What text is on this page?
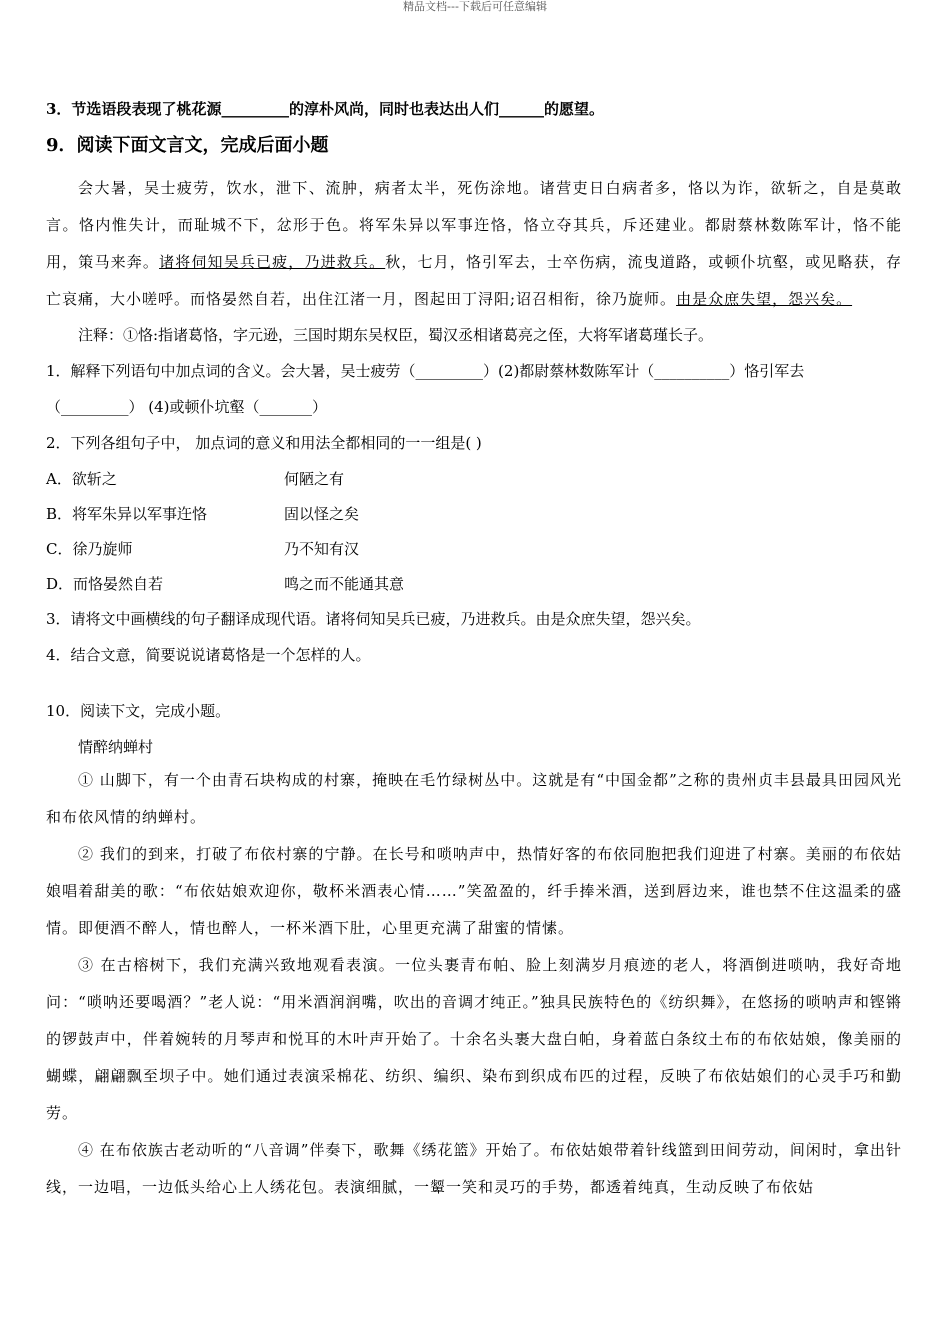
精品文档---下载后可任意编辑

3．节选语段表现了桃花源_________的淳朴风尚，同时也表达出人们______的愿望。

9．阅读下面文言文，完成后面小题

会大暑，吴士疲劳，饮水，泄下、流肿，病者太半，死伤涂地。诸营吏日白病者多，恪以为诈，欲斩之，自是莫敢言。恪内惟失计，而耻城不下，忿形于色。将军朱异以军事迕恪，恪立夺其兵，斥还建业。都尉蔡林数陈军计，恪不能用，策马来奔。诸将伺知吴兵已疲，乃进救兵。秋，七月，恪引军去，士卒伤病，流曳道路，或顿仆坑壑，或见略获，存亡哀痛，大小嗟呼。而恪晏然自若，出住江渚一月，图起田丁浔阳;诏召相衔，徐乃旋师。由是众庶失望，怨兴矣。

注释：①恪:指诸葛恪，字元逊，三国时期东吴权臣，蜀汉丞相诸葛亮之侄，大将军诸葛瑾长子。

1．解释下列语句中加点词的含义。会大暑，吴士疲劳（_________）(2)都尉蔡林数陈军计（__________）恪引军去

（_________） (4)或顿仆坑壑（_______）

2．下列各组句子中， 加点词的意义和用法全都相同的一一组是( )

A．欲斩之	何陋之有
B．将军朱异以军事迕恪	固以怪之矣
C．徐乃旋师	乃不知有汉
D．而恪晏然自若	鸣之而不能通其意

3．请将文中画横线的句子翻译成现代语。诸将伺知吴兵已疲，乃进救兵。由是众庶失望，怨兴矣。

4．结合文意，简要说说诸葛恪是一个怎样的人。

10．阅读下文，完成小题。

情醉纳蝉村

① 山脚下，有一个由青石块构成的村寨，掩映在毛竹绿树丛中。这就是有“中国金都”之称的贵州贞丰县最具田园风光和布依风情的纳蝉村。

② 我们的到来，打破了布依村寨的宁静。在长号和唢呐声中，热情好客的布依同胞把我们迎进了村寨。美丽的布依姑娘唱着甜美的歌：“布依姑娘欢迎你，敬杯米酒表心情……”笑盈盈的，纤手捧米酒，送到唇边来，谁也禁不住这温柔的盛情。即便酒不醉人，情也醉人，一杯米酒下肚，心里更充满了甜蜜的情愫。

③ 在古榕树下，我们充满兴致地观看表演。一位头裹青布帕、脸上刻满岁月痕迹的老人，将酒倒进唢呐，我好奇地问：“唢呐还要喝酒？”老人说：“用米酒润润嘴，吹出的音调才纯正。”独具民族特色的《纺织舞》，在悠扬的唢呐声和铿锵的锣鼓声中，伴着婉转的月琴声和悦耳的木叶声开始了。十余名头裹大盘白帕，身着蓝白条纹土布的布依姑娘，像美丽的蝴蝶，翩翩飘至坝子中。她们通过表演采棉花、纺织、编织、染布到织成布匹的过程，反映了布依姑娘们的心灵手巧和勤劳。

④ 在布依族古老动听的“八音调”伴奏下，歌舞《绣花篮》开始了。布依姑娘带着针线篮到田间劳动，间闲时，拿出针线，一边唱，一边低头给心上人绣花包。表演细腻，一颦一笑和灵巧的手势，都透着纯真，生动反映了布依姑
